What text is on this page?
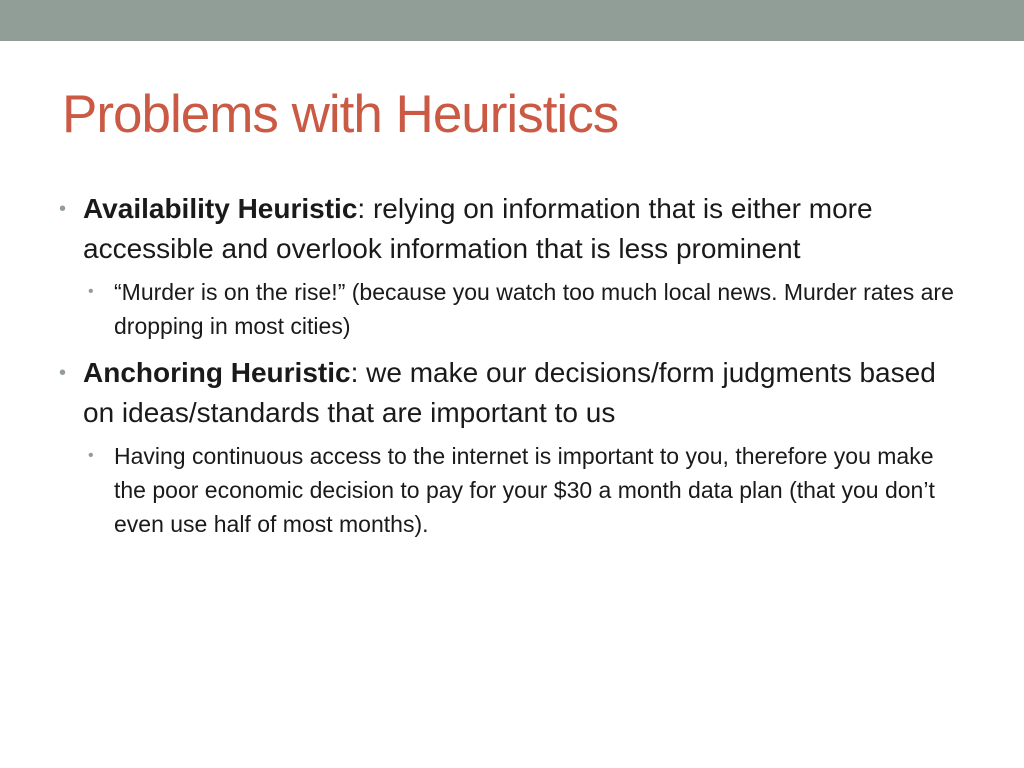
Problems with Heuristics
• Availability Heuristic: relying on information that is either more accessible and overlook information that is less prominent
• “Murder is on the rise!” (because you watch too much local news. Murder rates are dropping in most cities)
• Anchoring Heuristic: we make our decisions/form judgments based on ideas/standards that are important to us
• Having continuous access to the internet is important to you, therefore you make the poor economic decision to pay for your $30 a month data plan (that you don’t even use half of most months).
